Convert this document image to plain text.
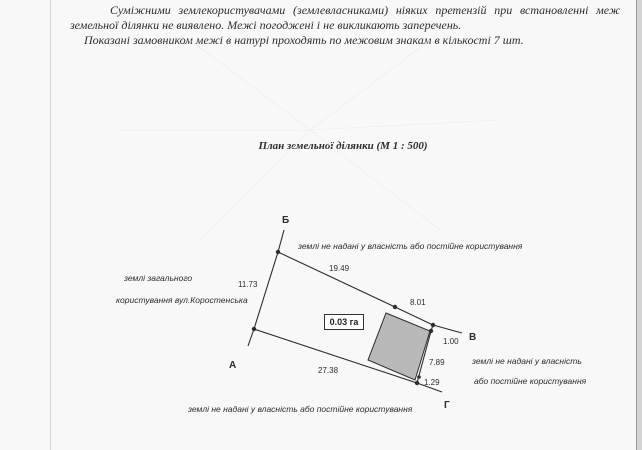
Суміжними землекористувачами (землевласниками) ніяких претензій при встановленні меж
земельної ділянки не виявлено. Межі погоджені і не викликають заперечень.
Показані замовником межі в натурі проходять по межовим знакам в кількості 7 шт.
План земельної ділянки (М 1 : 500)
Б
В
А
Г
11.73
19.49
8.01
1.00
7.89
1.29
27.38
землі не надані у власність або постійне користування
землі загального
користування вул.Коростенська
землі не надані у власність
або постійне користування
землі не надані у власність або постійне користування
0.03 га
